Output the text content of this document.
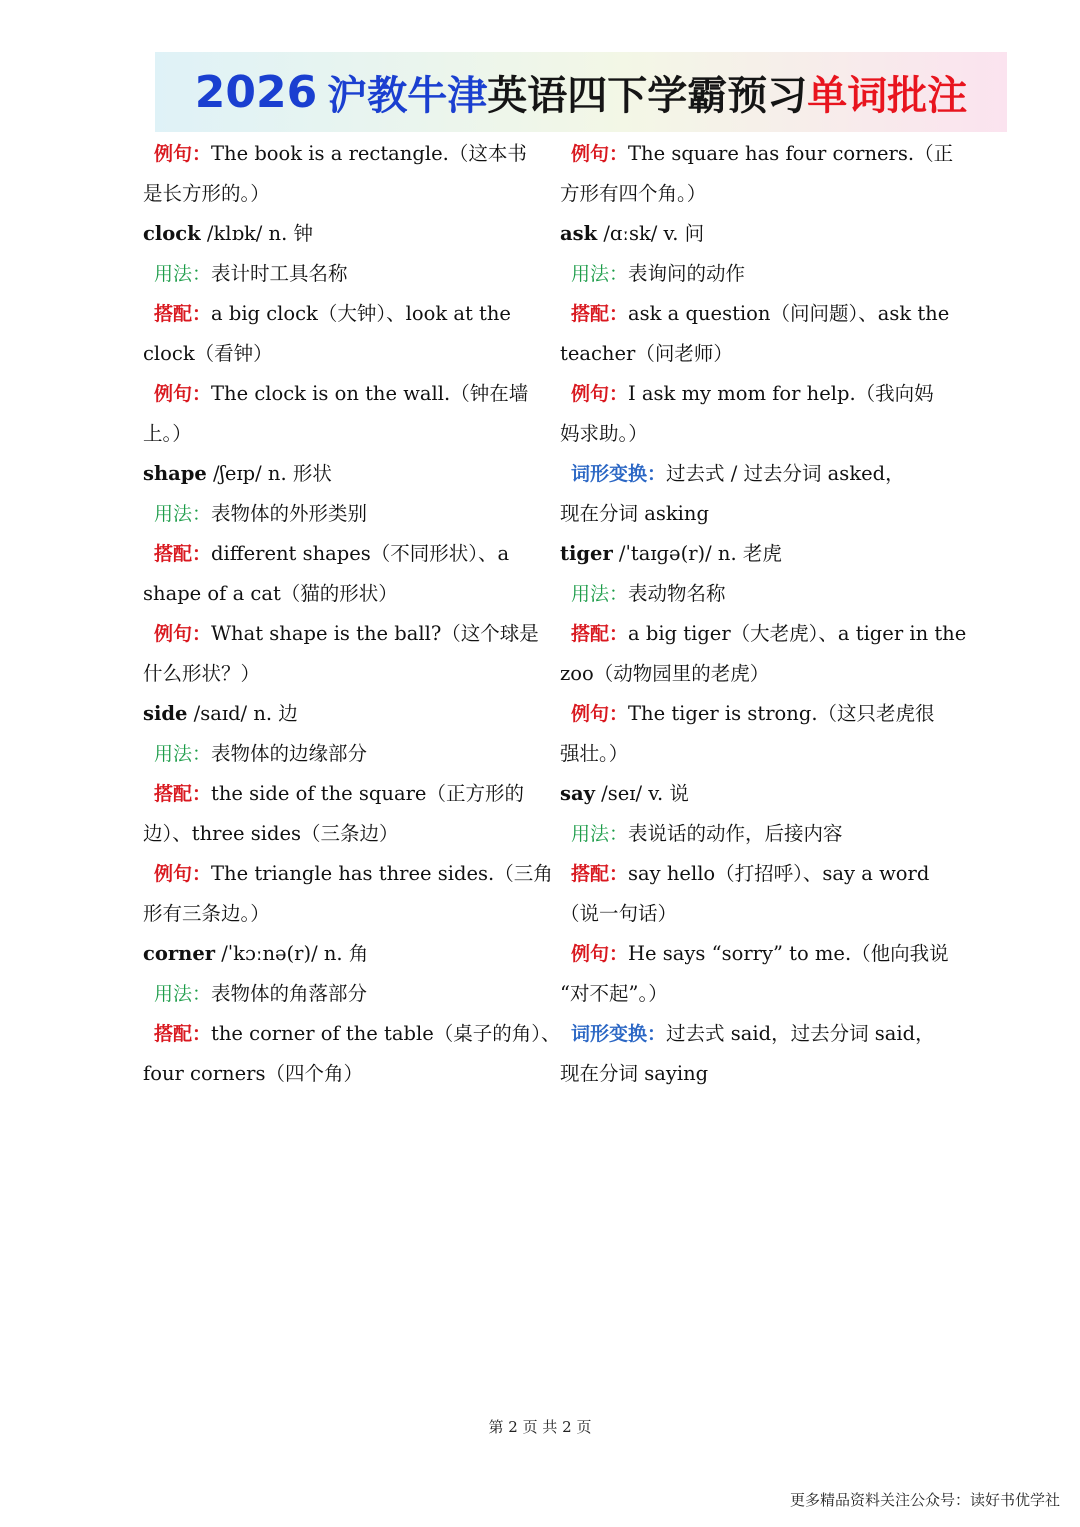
2026 沪教牛津 英语四下学霸预习 单词批注
例句：The book is a rectangle.（这本书
是长方形的。）
clock /klɒk/ n. 钟
用法：表计时工具名称
搭配：a big clock（大钟）、look at the
clock（看钟）
例句：The clock is on the wall.（钟在墙
上。）
shape /ʃeɪp/ n. 形状
用法：表物体的外形类别
搭配：different shapes（不同形状）、a
shape of a cat（猫的形状）
例句：What shape is the ball?（这个球是
什么形状？）
side /saɪd/ n. 边
用法：表物体的边缘部分
搭配：the side of the square（正方形的
边）、three sides（三条边）
例句：The triangle has three sides.（三角
形有三条边。）
corner /ˈkɔːnə(r)/ n. 角
用法：表物体的角落部分
搭配：the corner of the table（桌子的角）、
four corners（四个角）
例句：The square has four corners.（正
方形有四个角。）
ask /ɑːsk/ v. 问
用法：表询问的动作
搭配：ask a question（问问题）、ask the
teacher（问老师）
例句：I ask my mom for help.（我向妈
妈求助。）
词形变换：过去式 / 过去分词 asked，
现在分词 asking
tiger /ˈtaɪɡə(r)/ n. 老虎
用法：表动物名称
搭配：a big tiger（大老虎）、a tiger in the
zoo（动物园里的老虎）
例句：The tiger is strong.（这只老虎很
强壮。）
say /seɪ/ v. 说
用法：表说话的动作，后接内容
搭配：say hello（打招呼）、say a word
（说一句话）
例句：He says “sorry” to me.（他向我说
“对不起”。）
词形变换：过去式 said，过去分词 said，
现在分词 saying
第 2 页 共 2 页
更多精品资料关注公众号：读好书优学社
